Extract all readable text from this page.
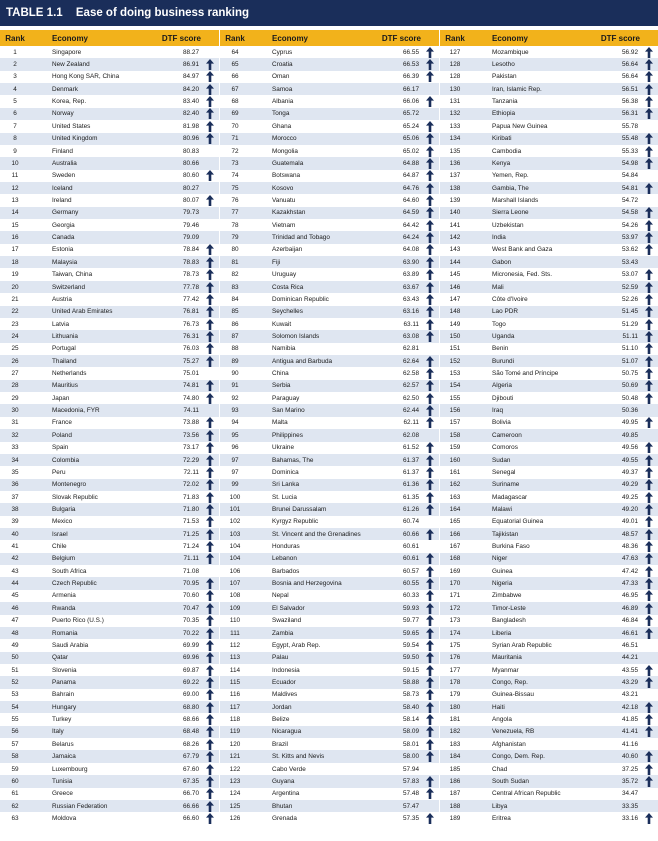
TABLE 1.1 Ease of doing business ranking
Rank	Economy	DTF score
1	Singapore	88.27
2	New Zealand	86.91
3	Hong Kong SAR, China	84.97
4	Denmark	84.20
5	Korea, Rep.	83.40
6	Norway	82.40
7	United States	81.98
8	United Kingdom	80.96
9	Finland	80.83
10	Australia	80.66
11	Sweden	80.60
12	Iceland	80.27
13	Ireland	80.07
14	Germany	79.73
15	Georgia	79.46
16	Canada	79.09
17	Estonia	78.84
18	Malaysia	78.83
19	Taiwan, China	78.73
20	Switzerland	77.78
21	Austria	77.42
22	United Arab Emirates	76.81
23	Latvia	76.73
24	Lithuania	76.31
25	Portugal	76.03
26	Thailand	75.27
27	Netherlands	75.01
28	Mauritius	74.81
29	Japan	74.80
30	Macedonia, FYR	74.11
31	France	73.88
32	Poland	73.56
33	Spain	73.17
34	Colombia	72.29
35	Peru	72.11
36	Montenegro	72.02
37	Slovak Republic	71.83
38	Bulgaria	71.80
39	Mexico	71.53
40	Israel	71.25
41	Chile	71.24
42	Belgium	71.11
43	South Africa	71.08
44	Czech Republic	70.95
45	Armenia	70.60
46	Rwanda	70.47
47	Puerto Rico (U.S.)	70.35
48	Romania	70.22
49	Saudi Arabia	69.99
50	Qatar	69.96
51	Slovenia	69.87
52	Panama	69.22
53	Bahrain	69.00
54	Hungary	68.80
55	Turkey	68.66
56	Italy	68.48
57	Belarus	68.26
58	Jamaica	67.79
59	Luxembourg	67.60
60	Tunisia	67.35
61	Greece	66.70
62	Russian Federation	66.66
63	Moldova	66.60
Rank	Economy	DTF score
64	Cyprus	66.55
65	Croatia	66.53
66	Oman	66.39
67	Samoa	66.17
68	Albania	66.06
69	Tonga	65.72
70	Ghana	65.24
71	Morocco	65.06
72	Mongolia	65.02
73	Guatemala	64.88
74	Botswana	64.87
75	Kosovo	64.76
76	Vanuatu	64.60
77	Kazakhstan	64.59
78	Vietnam	64.42
79	Trinidad and Tobago	64.24
80	Azerbaijan	64.08
81	Fiji	63.90
82	Uruguay	63.89
83	Costa Rica	63.67
84	Dominican Republic	63.43
85	Seychelles	63.16
86	Kuwait	63.11
87	Solomon Islands	63.08
88	Namibia	62.81
89	Antigua and Barbuda	62.64
90	China	62.58
91	Serbia	62.57
92	Paraguay	62.50
93	San Marino	62.44
94	Malta	62.11
95	Philippines	62.08
96	Ukraine	61.52
97	Bahamas, The	61.37
97	Dominica	61.37
99	Sri Lanka	61.36
100	St. Lucia	61.35
101	Brunei Darussalam	61.26
102	Kyrgyz Republic	60.74
103	St. Vincent and the Grenadines	60.66
104	Honduras	60.61
104	Lebanon	60.61
106	Barbados	60.57
107	Bosnia and Herzegovina	60.55
108	Nepal	60.33
109	El Salvador	59.93
110	Swaziland	59.77
111	Zambia	59.65
112	Egypt, Arab Rep.	59.54
113	Palau	59.50
114	Indonesia	59.15
115	Ecuador	58.88
116	Maldives	58.73
117	Jordan	58.40
118	Belize	58.14
119	Nicaragua	58.09
120	Brazil	58.01
121	St. Kitts and Nevis	58.00
122	Cabo Verde	57.94
123	Guyana	57.83
124	Argentina	57.48
125	Bhutan	57.47
126	Grenada	57.35
Rank	Economy	DTF score
127	Mozambique	56.92
128	Lesotho	56.64
128	Pakistan	56.64
130	Iran, Islamic Rep.	56.51
131	Tanzania	56.38
132	Ethiopia	56.31
133	Papua New Guinea	55.78
134	Kiribati	55.48
135	Cambodia	55.33
136	Kenya	54.98
137	Yemen, Rep.	54.84
138	Gambia, The	54.81
139	Marshall Islands	54.72
140	Sierra Leone	54.58
141	Uzbekistan	54.26
142	India	53.97
143	West Bank and Gaza	53.62
144	Gabon	53.43
145	Micronesia, Fed. Sts.	53.07
146	Mali	52.59
147	Côte d'Ivoire	52.26
148	Lao PDR	51.45
149	Togo	51.29
150	Uganda	51.11
151	Benin	51.10
152	Burundi	51.07
153	São Tomé and Príncipe	50.75
154	Algeria	50.69
155	Djibouti	50.48
156	Iraq	50.36
157	Bolivia	49.95
158	Cameroon	49.85
159	Comoros	49.56
160	Sudan	49.55
161	Senegal	49.37
162	Suriname	49.29
163	Madagascar	49.25
164	Malawi	49.20
165	Equatorial Guinea	49.01
166	Tajikistan	48.57
167	Burkina Faso	48.36
168	Niger	47.63
169	Guinea	47.42
170	Nigeria	47.33
171	Zimbabwe	46.95
172	Timor-Leste	46.89
173	Bangladesh	46.84
174	Liberia	46.61
175	Syrian Arab Republic	46.51
176	Mauritania	44.21
177	Myanmar	43.55
178	Congo, Rep.	43.29
179	Guinea-Bissau	43.21
180	Haiti	42.18
181	Angola	41.85
182	Venezuela, RB	41.41
183	Afghanistan	41.16
184	Congo, Dem. Rep.	40.60
185	Chad	37.25
186	South Sudan	35.72
187	Central African Republic	34.47
188	Libya	33.35
189	Eritrea	33.16
